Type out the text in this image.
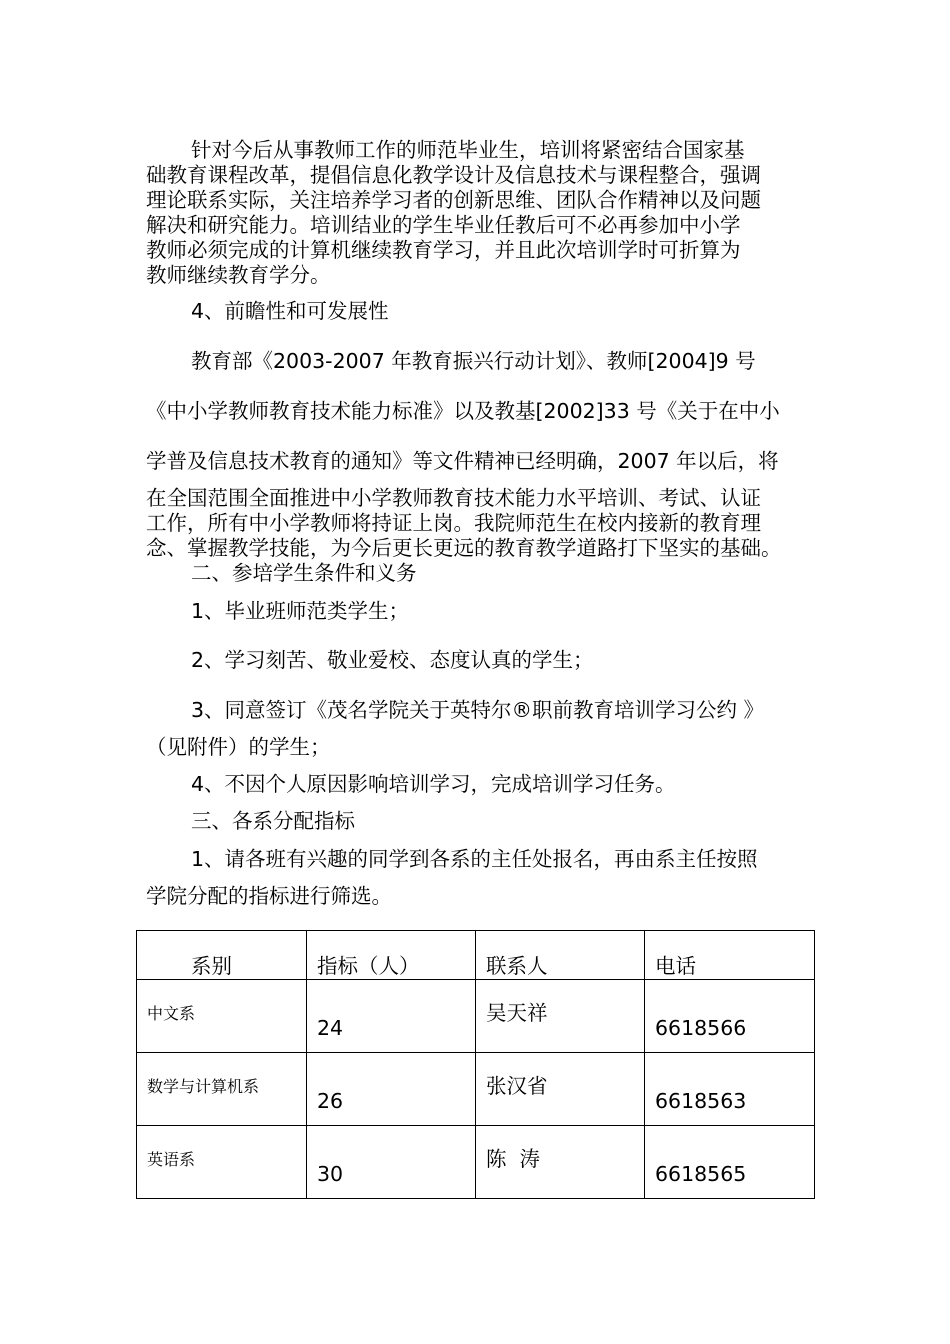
针对今后从事教师工作的师范毕业生，培训将紧密结合国家基

础教育课程改革，提倡信息化教学设计及信息技术与课程整合，强调

理论联系实际，关注培养学习者的创新思维、团队合作精神以及问题

解决和研究能力。培训结业的学生毕业任教后可不必再参加中小学

教师必须完成的计算机继续教育学习，并且此次培训学时可折算为

教师继续教育学分。

4、前瞻性和可发展性

教育部《2003-2007 年教育振兴行动计划》、教师[2004]9 号

《中小学教师教育技术能力标准》以及教基[2002]33 号《关于在中小

学普及信息技术教育的通知》等文件精神已经明确，2007 年以后，将

在全国范围全面推进中小学教师教育技术能力水平培训、考试、认证

工作，所有中小学教师将持证上岗。我院师范生在校内接新的教育理

念、掌握教学技能，为今后更长更远的教育教学道路打下坚实的基础。

二、参培学生条件和义务

1、毕业班师范类学生；

2、学习刻苦、敬业爱校、态度认真的学生；

3、同意签订《茂名学院关于英特尔®职前教育培训学习公约 》

（见附件）的学生；

4、不因个人原因影响培训学习，完成培训学习任务。

三、各系分配指标

1、请各班有兴趣的同学到各系的主任处报名，再由系主任按照

学院分配的指标进行筛选。

系别	指标（人）	联系人	电话

中文系	24	吴天祥	6618566

数学与计算机系	26	张汉省	6618563

英语系	30	陈  涛	6618565
